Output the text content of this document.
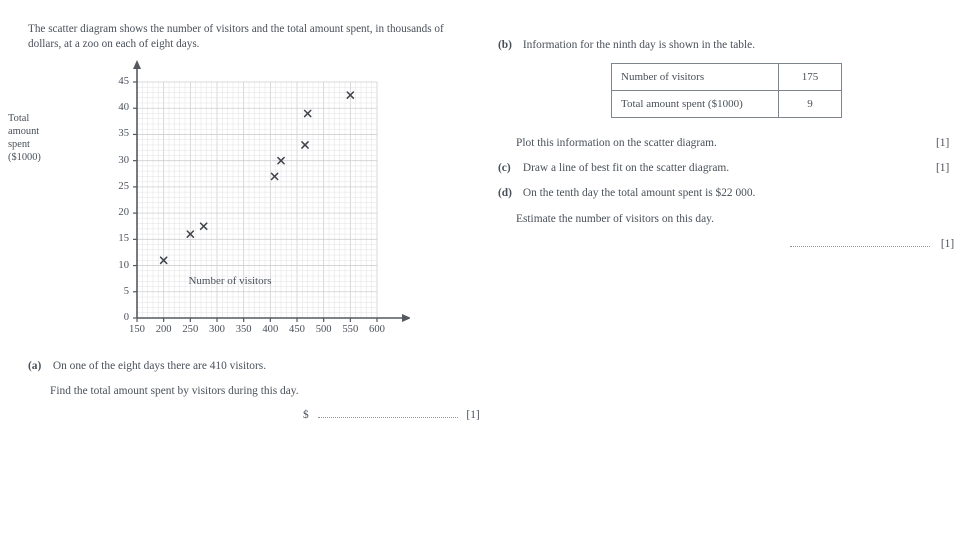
The scatter diagram shows the number of visitors and the total amount spent, in thousands of dollars, at a zoo on each of eight days.
150	200	250	300	350	400	450	500	550	600
0
5
10
15
20
25
30
35
40
45
Total
amount
spent
($1000)
Number of visitors
(a) On one of the eight days there are 410 visitors.
Find the total amount spent by visitors during this day.
$	[1]
(b) Information for the ninth day is shown in the table.
Number of visitors	175
Total amount spent ($1000)	9
Plot this information on the scatter diagram.	[1]
(c) Draw a line of best fit on the scatter diagram.	[1]
(d) On the tenth day the total amount spent is $22 000.
Estimate the number of visitors on this day.
[1]
